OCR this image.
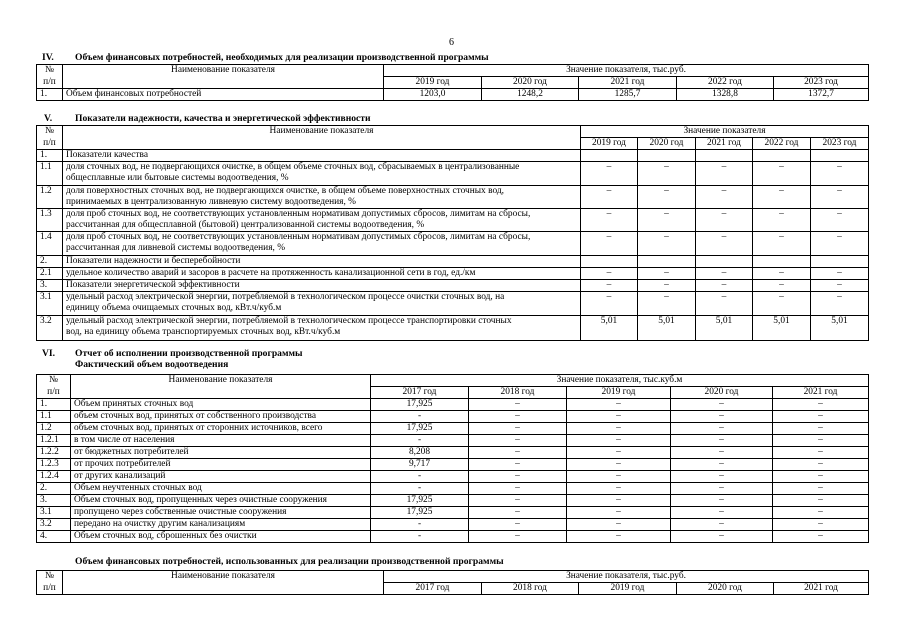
6
IV. Объем финансовых потребностей, необходимых для реализации производственной программы
№	Наименование показателя	Значение показателя, тыс.руб.				
п/п		2019 год	2020 год	2021 год	2022 год	2023 год
1.	Объем финансовых потребностей	1203,0	1248,2	1285,7	1328,8	1372,7
V. Показатели надежности, качества и энергетической эффективности
№	Наименование показателя	Значение показателя				
п/п		2019 год	2020 год	2021 год	2022 год	2023 год
1.	Показатели качества					
1.1	доля сточных вод, не подвергающихся очистке, в общем объеме сточных вод, сбрасываемых в централизованные
общесплавные или бытовые системы водоотведения, %	–	–	–	–	–
1.2	доля поверхностных сточных вод, не подвергающихся очистке, в общем объеме поверхностных сточных вод,
принимаемых в централизованную ливневую систему водоотведения, %	–	–	–	–	–
1.3	доля проб сточных вод, не соответствующих установленным нормативам допустимых сбросов, лимитам на сбросы,
рассчитанная для общесплавной (бытовой) централизованной системы водоотведения, %	–	–	–	–	–
1.4	доля проб сточных вод, не соответствующих установленным нормативам допустимых сбросов, лимитам на сбросы,
рассчитанная для ливневой системы водоотведения, %	–	–	–	–	–
2.	Показатели надежности и бесперебойности					
2.1	удельное количество аварий и засоров в расчете на протяженность канализационной сети в год, ед./км	–	–	–	–	–
3.	Показатели энергетической эффективности	–	–	–	–	–
3.1	удельный расход электрической энергии, потребляемой в технологическом процессе очистки сточных вод, на
единицу объема очищаемых сточных вод, кВт.ч/куб.м	–	–	–	–	–
3.2	удельный расход электрической энергии, потребляемой в технологическом процессе транспортировки сточных
вод, на единицу объема транспортируемых сточных вод, кВт.ч/куб.м	5,01	5,01	5,01	5,01	5,01
VI. Отчет об исполнении производственной программы
Фактический объем водоотведения
№	Наименование показателя	Значение показателя, тыс.куб.м				
п/п		2017 год	2018 год	2019 год	2020 год	2021 год
1.	Объем принятых сточных вод	17,925	–	–	–	–
1.1	объем сточных вод, принятых от собственного производства	-	–	–	–	–
1.2	объем сточных вод, принятых от сторонних источников, всего	17,925	–	–	–	–
1.2.1	в том числе от населения	-	–	–	–	–
1.2.2	от бюджетных потребителей	8,208	–	–	–	–
1.2.3	от прочих потребителей	9,717	–	–	–	–
1.2.4	от других канализаций	-	–	–	–	–
2.	Объем неучтенных сточных вод	-	–	–	–	–
3.	Объем сточных вод, пропущенных через очистные сооружения	17,925	–	–	–	–
3.1	пропущено через собственные очистные сооружения	17,925	–	–	–	–
3.2	передано на очистку другим канализациям	-	–	–	–	–
4.	Объем сточных вод, сброшенных без очистки	-	–	–	–	–
Объем финансовых потребностей, использованных для реализации производственной программы
№	Наименование показателя	Значение показателя, тыс.руб.				
п/п		2017 год	2018 год	2019 год	2020 год	2021 год
